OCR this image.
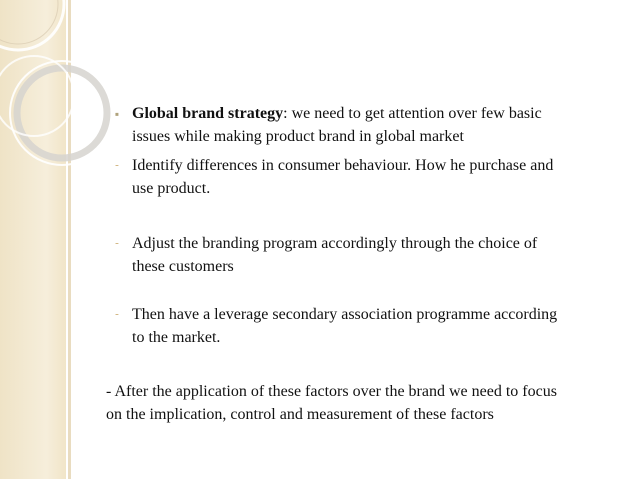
▪ Global brand strategy: we need to get attention over few basic
issues while making product brand in global market
- Identify differences in consumer behaviour. How he purchase and
use product.
- Adjust the branding program accordingly through the choice of
these customers
- Then have a leverage secondary association programme according
to the market.
- After the application of these factors over the brand we need to focus
on the implication, control and measurement of these factors
